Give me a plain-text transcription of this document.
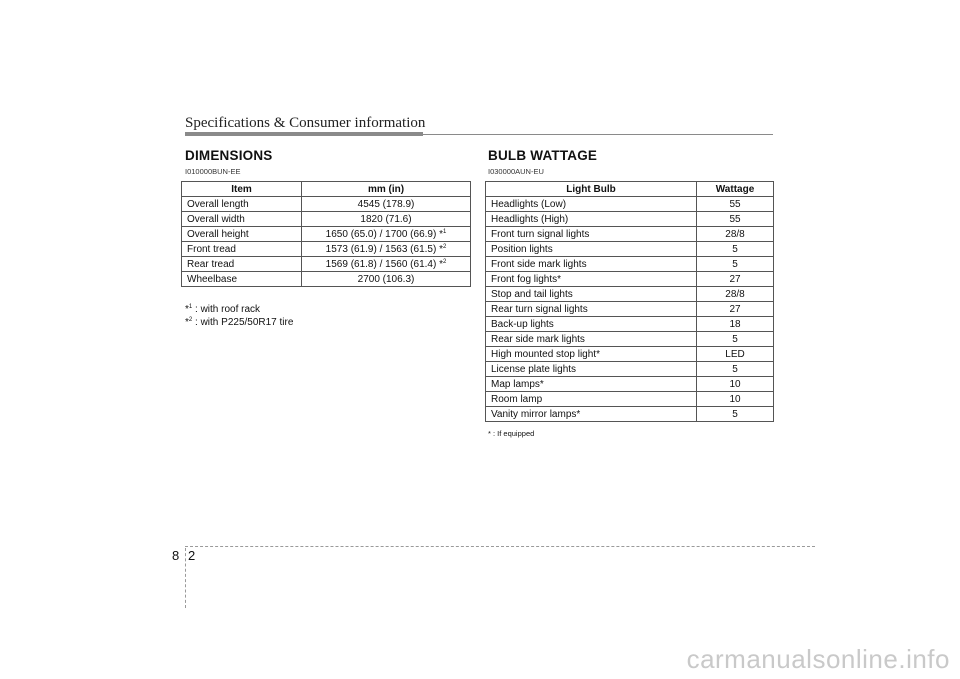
Specifications & Consumer information
DIMENSIONS
I010000BUN-EE
Item	mm (in)
Overall length	4545 (178.9)
Overall width	1820 (71.6)
Overall height	1650 (65.0) / 1700 (66.9) *$^1$
Front tread	1573 (61.9) / 1563 (61.5) *$^2$
Rear tread	1569 (61.8) / 1560 (61.4) *$^2$
Wheelbase	2700 (106.3)
*$^1$ : with roof rack
*$^2$ : with P225/50R17 tire
BULB WATTAGE
I030000AUN-EU
Light Bulb	Wattage
Headlights (Low)	55
Headlights (High)	55
Front turn signal lights	28/8
Position lights	5
Front side mark lights	5
Front fog lights*	27
Stop and tail lights	28/8
Rear turn signal lights	27
Back-up lights	18
Rear side mark lights	5
High mounted stop light*	LED
License plate lights	5
Map lamps*	10
Room lamp	10
Vanity mirror lamps*	5
* : If equipped
8 2
carmanualsonline.info
